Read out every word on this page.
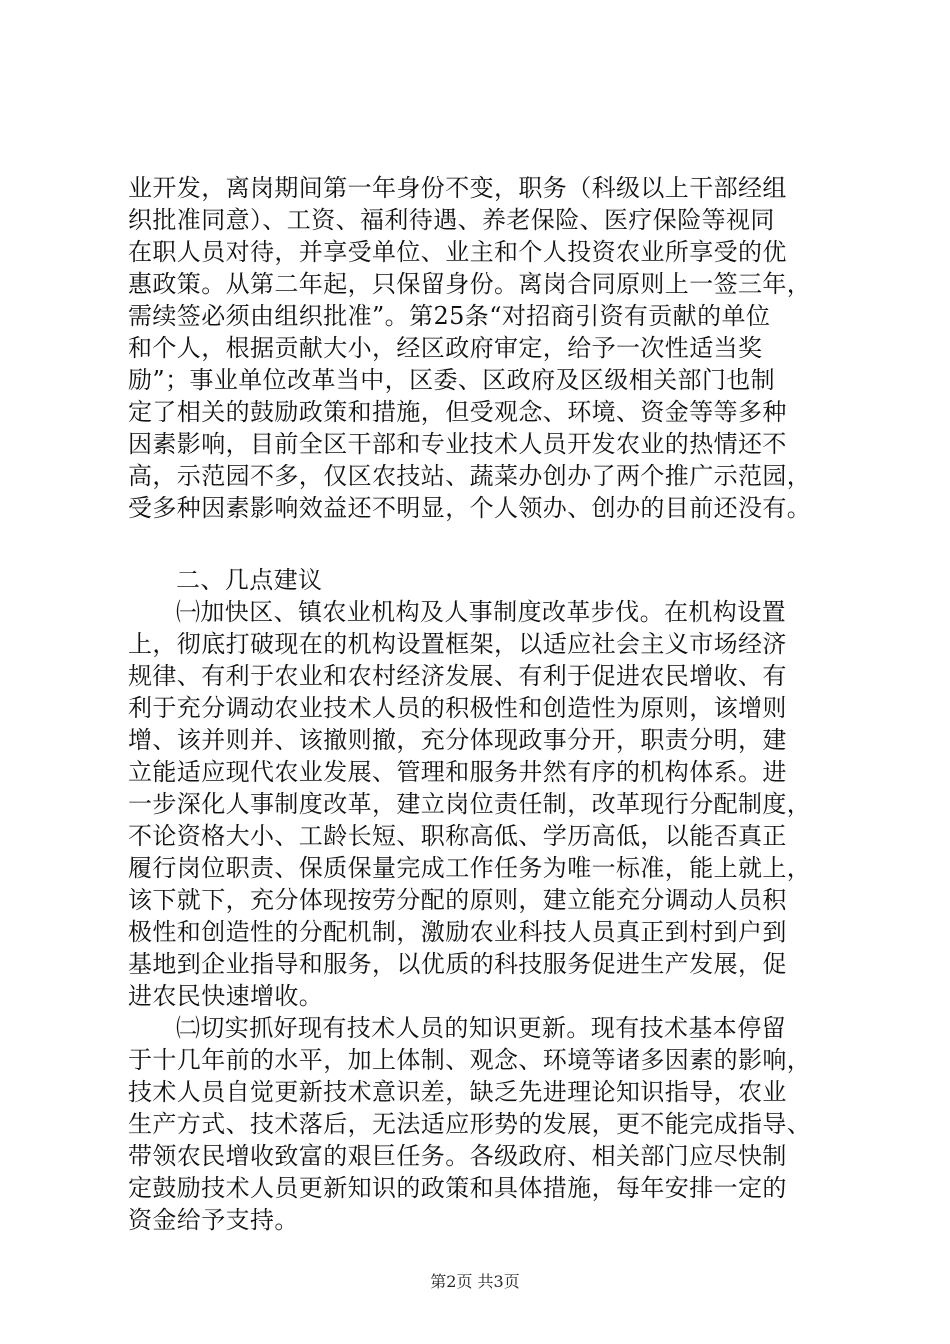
业开发，离岗期间第一年身份不变，职务（科级以上干部经组
织批准同意）、工资、福利待遇、养老保险、医疗保险等视同
在职人员对待，并享受单位、业主和个人投资农业所享受的优
惠政策。从第二年起，只保留身份。离岗合同原则上一签三年，
需续签必须由组织批准”。第25条“对招商引资有贡献的单位
和个人，根据贡献大小，经区政府审定，给予一次性适当奖
励”；事业单位改革当中，区委、区政府及区级相关部门也制
定了相关的鼓励政策和措施，但受观念、环境、资金等等多种
因素影响，目前全区干部和专业技术人员开发农业的热情还不
高，示范园不多，仅区农技站、蔬菜办创办了两个推广示范园，
受多种因素影响效益还不明显，个人领办、创办的目前还没有。
二、几点建议
㈠加快区、镇农业机构及人事制度改革步伐。在机构设置
上，彻底打破现在的机构设置框架，以适应社会主义市场经济
规律、有利于农业和农村经济发展、有利于促进农民增收、有
利于充分调动农业技术人员的积极性和创造性为原则，该增则
增、该并则并、该撤则撤，充分体现政事分开，职责分明，建
立能适应现代农业发展、管理和服务井然有序的机构体系。进
一步深化人事制度改革，建立岗位责任制，改革现行分配制度，
不论资格大小、工龄长短、职称高低、学历高低，以能否真正
履行岗位职责、保质保量完成工作任务为唯一标准，能上就上，
该下就下，充分体现按劳分配的原则，建立能充分调动人员积
极性和创造性的分配机制，激励农业科技人员真正到村到户到
基地到企业指导和服务，以优质的科技服务促进生产发展，促
进农民快速增收。
㈡切实抓好现有技术人员的知识更新。现有技术基本停留
于十几年前的水平，加上体制、观念、环境等诸多因素的影响，
技术人员自觉更新技术意识差，缺乏先进理论知识指导，农业
生产方式、技术落后，无法适应形势的发展，更不能完成指导、
带领农民增收致富的艰巨任务。各级政府、相关部门应尽快制
定鼓励技术人员更新知识的政策和具体措施，每年安排一定的
资金给予支持。
第2页 共3页
